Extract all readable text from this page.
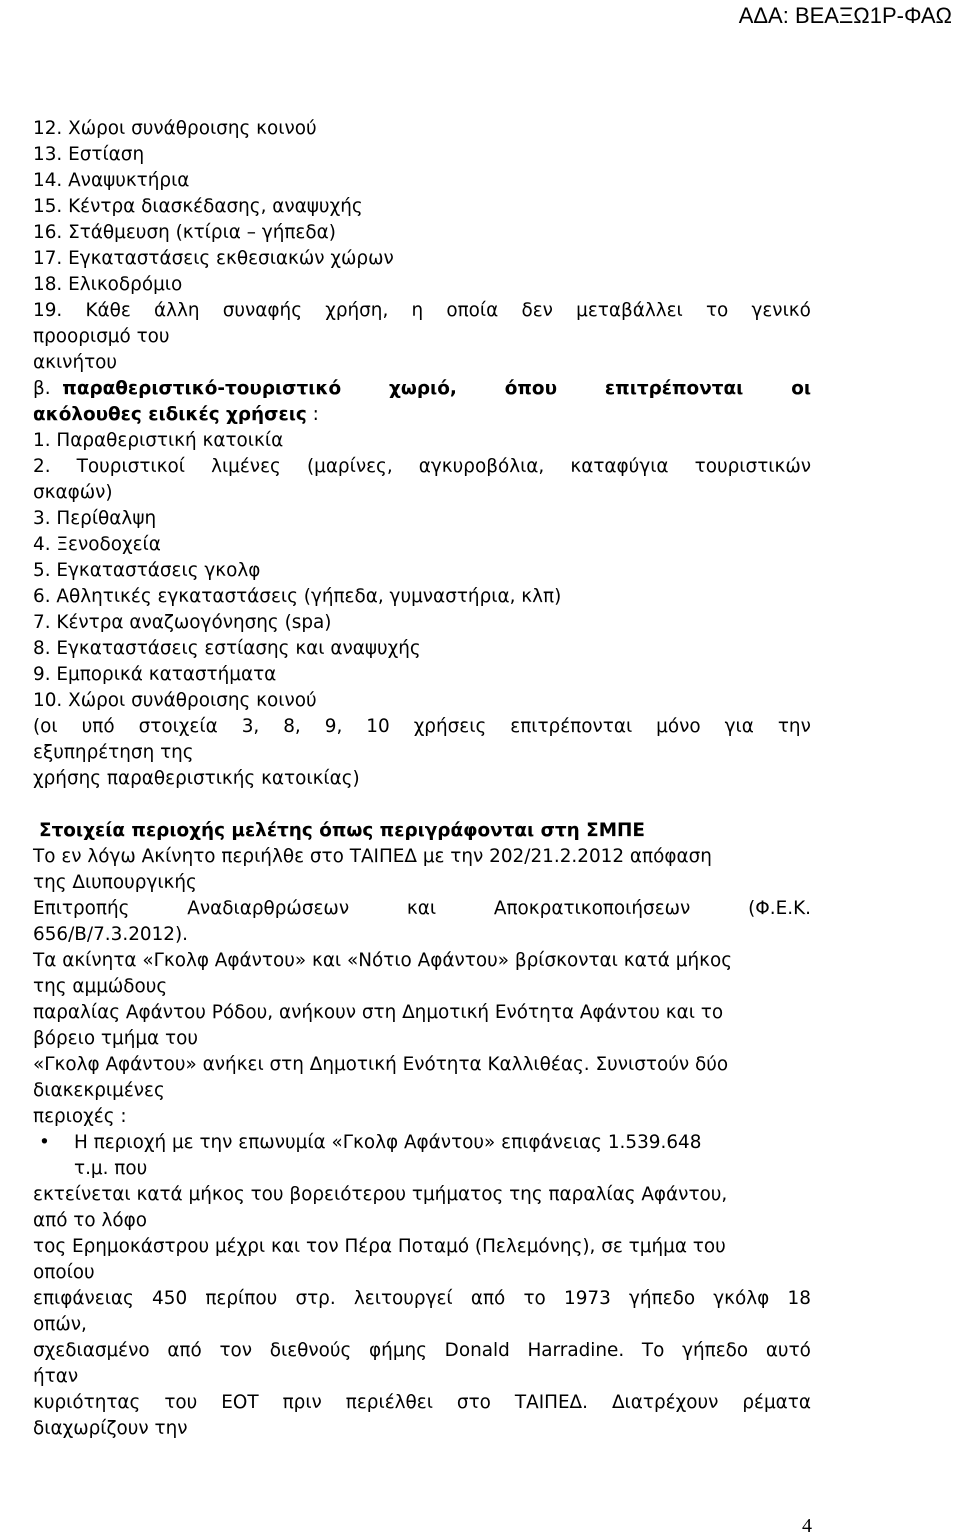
ΑΔΑ: ΒΕΑΞΩ1Ρ-ΦΑΩ
12. Χώροι συνάθροισης κοινού
13. Εστίαση
14. Αναψυκτήρια
15. Κέντρα διασκέδασης, αναψυχής
16. Στάθμευση (κτίρια – γήπεδα)
17. Εγκαταστάσεις εκθεσιακών χώρων
18. Ελικοδρόμιο
19. Κάθε άλλη συναφής χρήση, η οποία δεν μεταβάλλει το γενικό
προορισμό του
ακινήτου
β. παραθεριστικό-τουριστικό	χωριό,	όπου	επιτρέπονται	οι
ακόλουθες ειδικές χρήσεις :
1. Παραθεριστική κατοικία
2. Τουριστικοί λιμένες (μαρίνες, αγκυροβόλια, καταφύγια τουριστικών
σκαφών)
3. Περίθαλψη
4. Ξενοδοχεία
5. Εγκαταστάσεις γκολφ
6. Αθλητικές εγκαταστάσεις (γήπεδα, γυμναστήρια, κλπ)
7. Κέντρα αναζωογόνησης (spa)
8. Εγκαταστάσεις εστίασης και αναψυχής
9. Εμπορικά καταστήματα
10. Χώροι συνάθροισης κοινού
(οι υπό στοιχεία 3, 8, 9, 10 χρήσεις επιτρέπονται μόνο για την
εξυπηρέτηση της
χρήσης παραθεριστικής κατοικίας)
Στοιχεία περιοχής μελέτης όπως περιγράφονται στη ΣΜΠΕ
Το εν λόγω Ακίνητο περιήλθε στο ΤΑΙΠΕΔ με την 202/21.2.2012 απόφαση
της Διυπουργικής
Επιτροπής	Αναδιαρθρώσεων	και	Αποκρατικοποιήσεων	(Φ.Ε.Κ.
656/Β/7.3.2012).
Τα ακίνητα «Γκολφ Αφάντου» και «Νότιο Αφάντου» βρίσκονται κατά μήκος
της αμμώδους
παραλίας Αφάντου Ρόδου, ανήκουν στη Δημοτική Ενότητα Αφάντου και το
βόρειο τμήμα του
«Γκολφ Αφάντου» ανήκει στη Δημοτική Ενότητα Καλλιθέας. Συνιστούν δύο
διακεκριμένες
περιοχές :
• Η περιοχή με την επωνυμία «Γκολφ Αφάντου» επιφάνειας 1.539.648
τ.μ. που
εκτείνεται κατά μήκος του βορειότερου τμήματος της παραλίας Αφάντου,
από το λόφο
τος Ερημοκάστρου μέχρι και τον Πέρα Ποταμό (Πελεμόνης), σε τμήμα του
οποίου
επιφάνειας 450 περίπου στρ. λειτουργεί από το 1973 γήπεδο γκόλφ 18
οπών,
σχεδιασμένο από τον διεθνούς φήμης Donald Harradine. Το γήπεδο αυτό
ήταν
κυριότητας του ΕΟΤ πριν περιέλθει στο ΤΑΙΠΕΔ. Διατρέχουν ρέματα
διαχωρίζουν την
4
